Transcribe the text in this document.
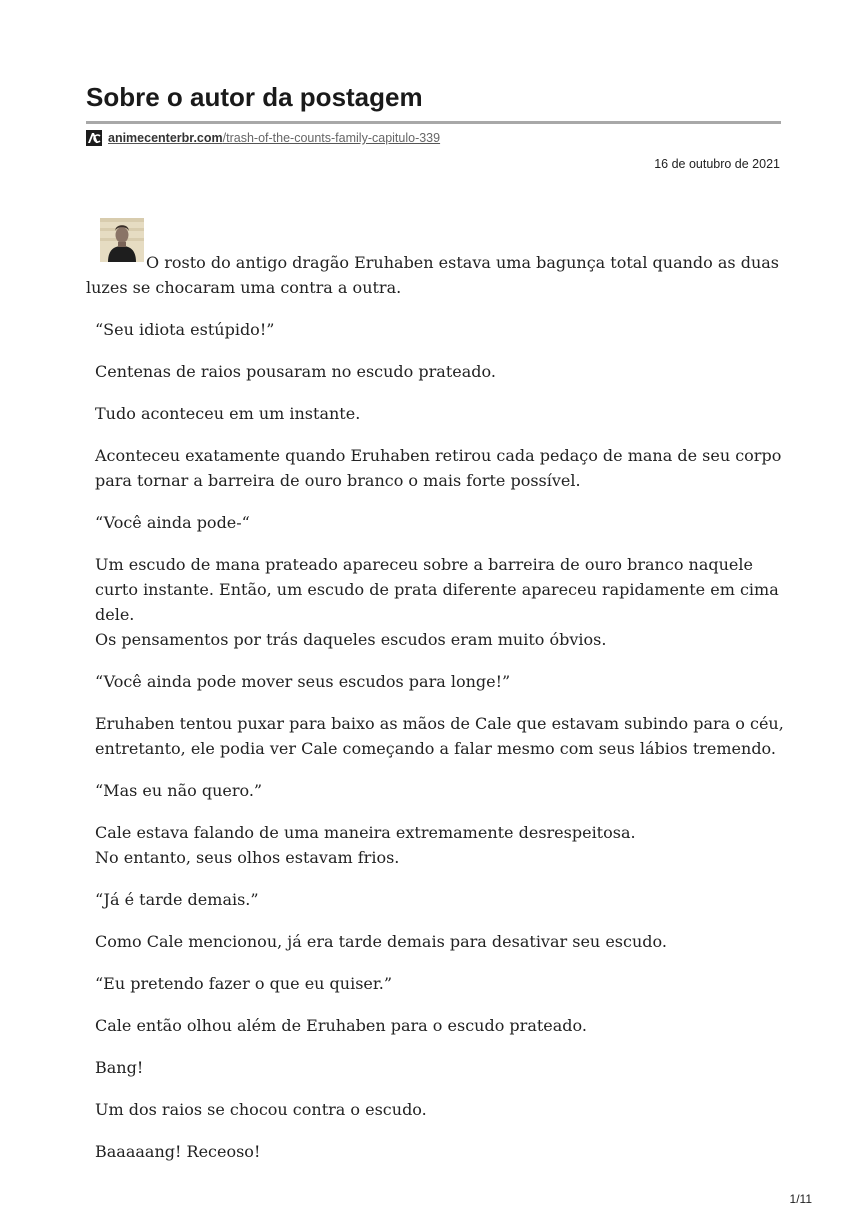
Sobre o autor da postagem
animecenterbr.com/trash-of-the-counts-family-capitulo-339
16 de outubro de 2021

O rosto do antigo dragão Eruhaben estava uma bagunça total quando as duas luzes se chocaram uma contra a outra.

“Seu idiota estúpido!”

Centenas de raios pousaram no escudo prateado.

Tudo aconteceu em um instante.

Aconteceu exatamente quando Eruhaben retirou cada pedaço de mana de seu corpo para tornar a barreira de ouro branco o mais forte possível.

“Você ainda pode-“

Um escudo de mana prateado apareceu sobre a barreira de ouro branco naquele curto instante. Então, um escudo de prata diferente apareceu rapidamente em cima dele.
Os pensamentos por trás daqueles escudos eram muito óbvios.

“Você ainda pode mover seus escudos para longe!”

Eruhaben tentou puxar para baixo as mãos de Cale que estavam subindo para o céu, entretanto, ele podia ver Cale começando a falar mesmo com seus lábios tremendo.

“Mas eu não quero.”

Cale estava falando de uma maneira extremamente desrespeitosa.
No entanto, seus olhos estavam frios.

“Já é tarde demais.”

Como Cale mencionou, já era tarde demais para desativar seu escudo.

“Eu pretendo fazer o que eu quiser.”

Cale então olhou além de Eruhaben para o escudo prateado.

Bang!

Um dos raios se chocou contra o escudo.

Baaaaang! Receoso!

1/11
